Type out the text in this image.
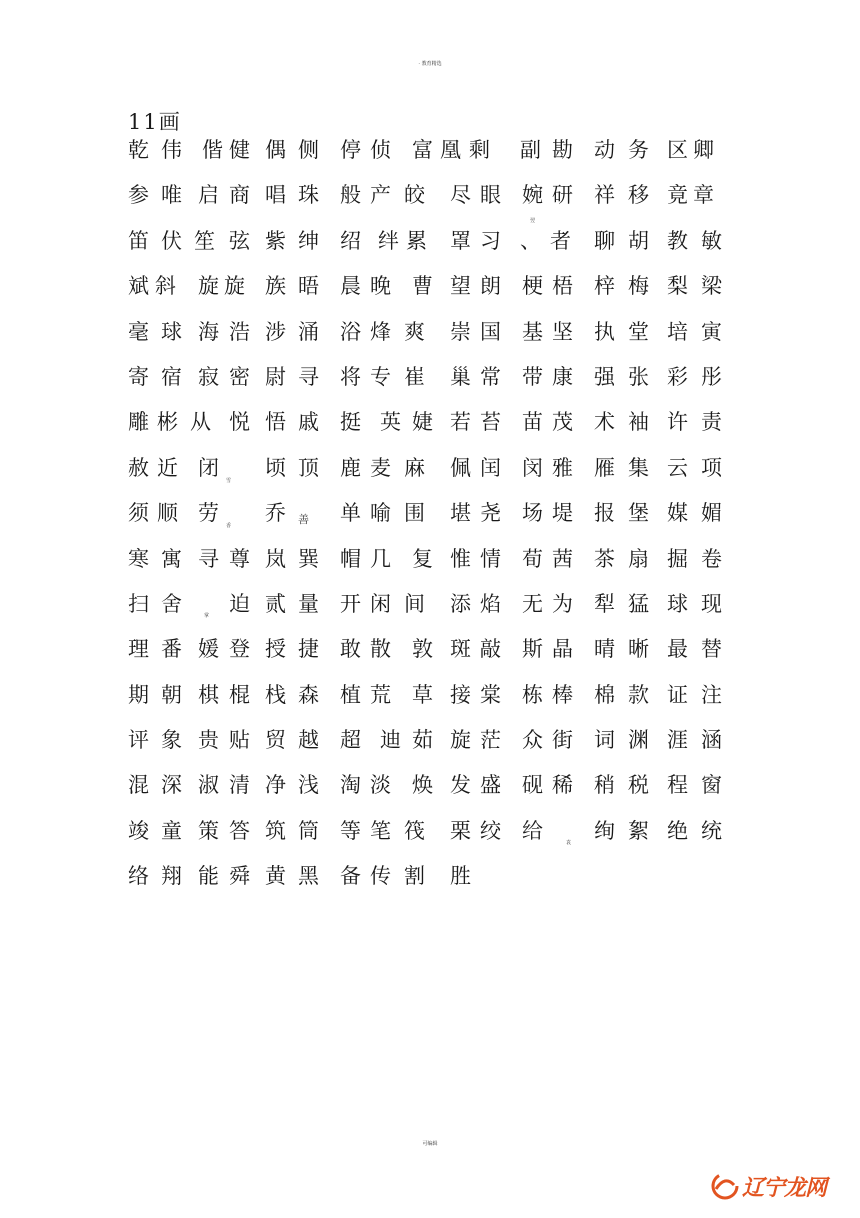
· 教育精选
11画
乾 伟 偕 健 偶 侧 停 侦 富 凰 剩 副 勘 动 务 区 卿
参 唯 启 商 唱 珠 般 产 皎 尽 眼 婉 研 祥 移 竟 章
笛 伏 笙 弦 紫 绅 绍 绊 累 罩 习 、 者 聊 胡 教 敏
斌 斜 旋 旋 族 晤 晨 晚 曹 望 朗 梗 梧 梓 梅 梨 梁
毫 球 海 浩 涉 涌 浴 烽 爽 崇 国 基 坚 执 堂 培 寅
寄 宿 寂 密 尉 寻 将 专 崔 巢 常 带 康 强 张 彩 彤
雕 彬 从 悦 悟 戚 挺 英 婕 若 苔 苗 茂 术 袖 许 责
赦 近 闭 顷 顶 鹿 麦 麻 佩 闰 闵 雅 雁 集 云 项
须 顺 劳 乔	单 喻 围 堪 尧 场 堤 报 堡 媒 媚
寒 寓 寻 尊 岚 巽 帽 几 复 惟 情 荀 茜 茶 扇 掘 卷
扫 舍 迫 贰 量 开 闲 间 添 焰 无 为 犁 猛 球 现
理 番 媛 登 授 捷 敢 散 敦 斑 敲 斯 晶 晴 晰 最 替
期 朝 棋 棍 栈 森 植 荒 草 接 棠 栋 棒 棉 款 证 注
评 象 贵 贴 贸 越 超 迪 茹 旋 茫 众 街 词 渊 涯 涵
混 深 淑 清 净 浅 淘 淡 焕 发 盛 砚 稀 稍 税 程 窗
竣 童 策 答 筑 筒 等 笔 筏 栗 绞 给 绚 絮 绝 统
络 翔 能 舜 黄 黑 备 传 割 胜
翌
雪
香	善
掌
袁
可编辑
辽宁龙网
